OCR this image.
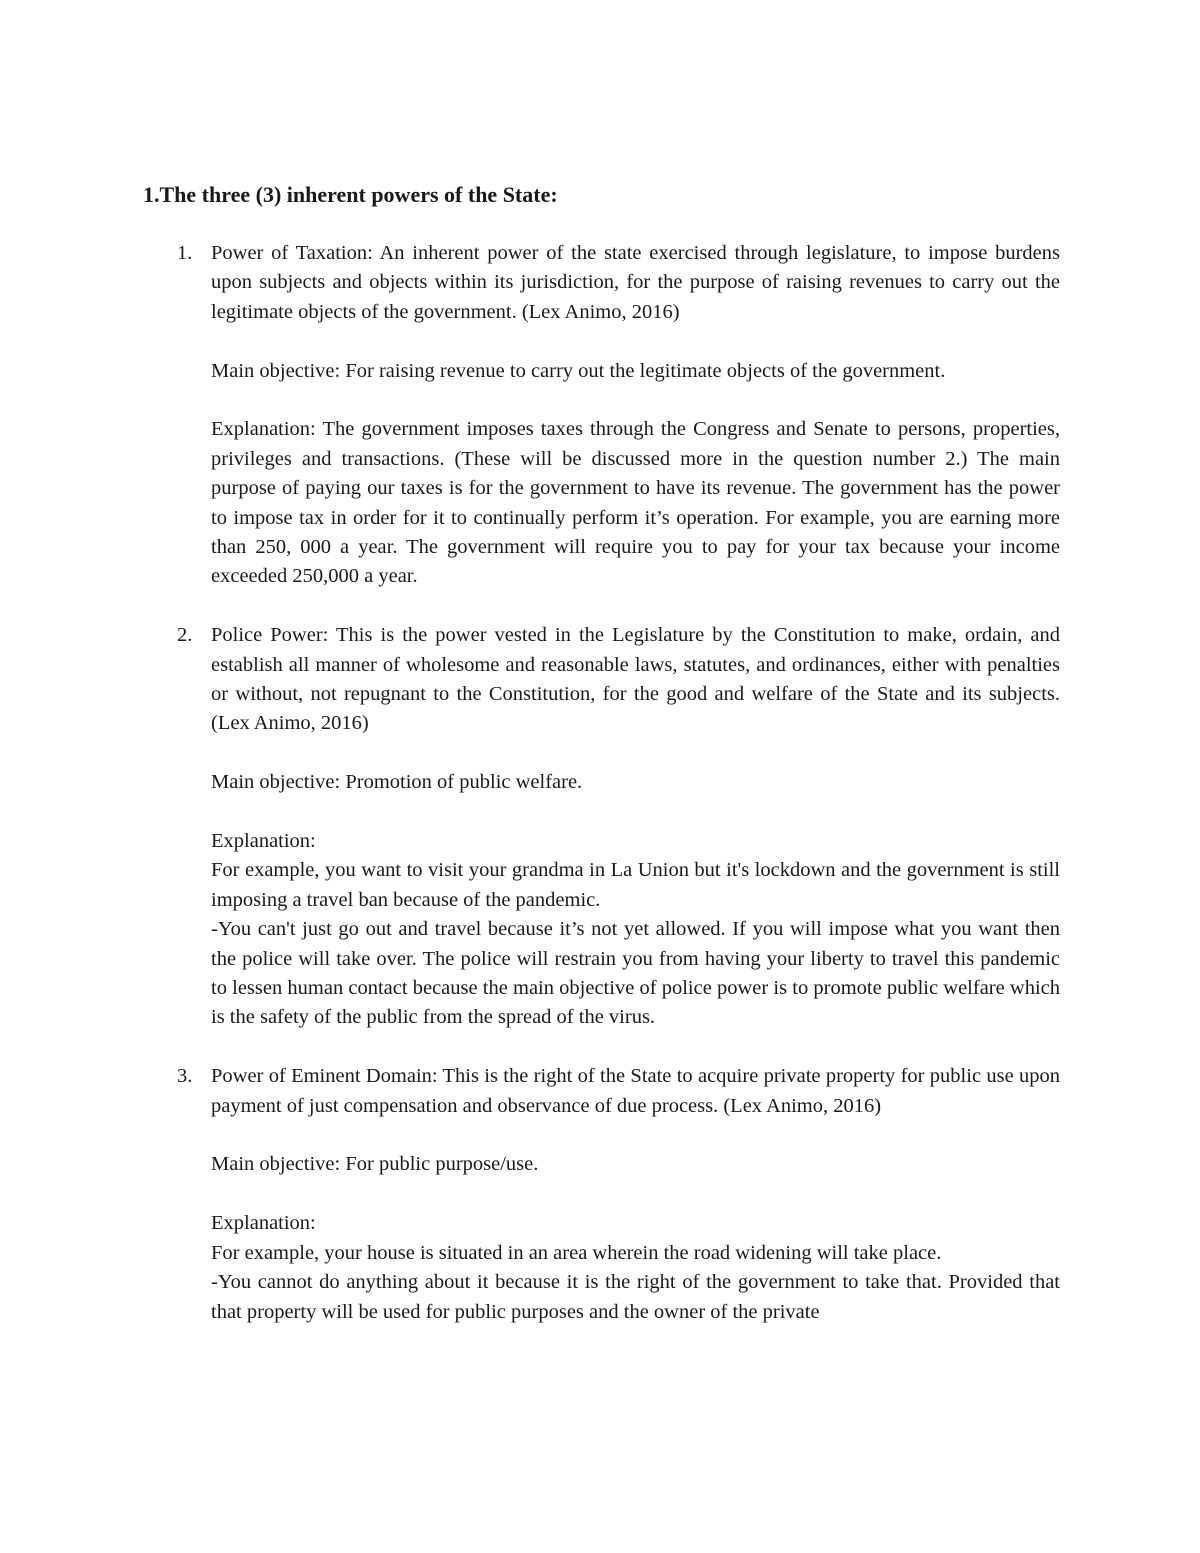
1.The three (3) inherent powers of the State:
1. Power of Taxation: An inherent power of the state exercised through legislature, to impose burdens upon subjects and objects within its jurisdiction, for the purpose of raising revenues to carry out the legitimate objects of the government. (Lex Animo, 2016)

Main objective: For raising revenue to carry out the legitimate objects of the government.

Explanation: The government imposes taxes through the Congress and Senate to persons, properties, privileges and transactions. (These will be discussed more in the question number 2.) The main purpose of paying our taxes is for the government to have its revenue. The government has the power to impose tax in order for it to continually perform it’s operation. For example, you are earning more than 250, 000 a year. The government will require you to pay for your tax because your income exceeded 250,000 a year.

2. Police Power: This is the power vested in the Legislature by the Constitution to make, ordain, and establish all manner of wholesome and reasonable laws, statutes, and ordinances, either with penalties or without, not repugnant to the Constitution, for the good and welfare of the State and its subjects. (Lex Animo, 2016)

Main objective: Promotion of public welfare.

Explanation:

For example, you want to visit your grandma in La Union but it's lockdown and the government is still imposing a travel ban because of the pandemic.

-You can't just go out and travel because it’s not yet allowed. If you will impose what you want then the police will take over. The police will restrain you from having your liberty to travel this pandemic to lessen human contact because the main objective of police power is to promote public welfare which is the safety of the public from the spread of the virus.

3. Power of Eminent Domain: This is the right of the State to acquire private property for public use upon payment of just compensation and observance of due process. (Lex Animo, 2016)

Main objective: For public purpose/use.

Explanation:

For example, your house is situated in an area wherein the road widening will take place.

-You cannot do anything about it because it is the right of the government to take that. Provided that that property will be used for public purposes and the owner of the private
